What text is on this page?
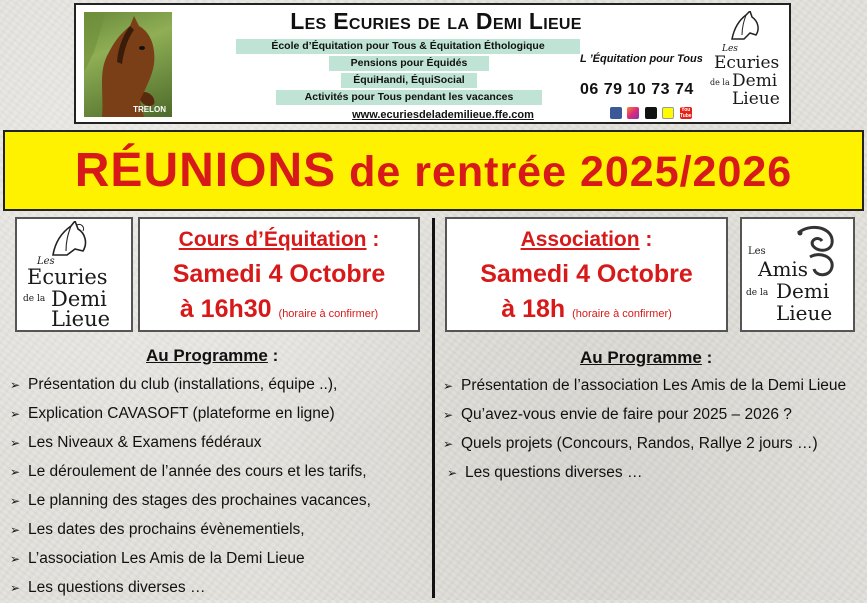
TRELON
Les Ecuries de la Demi Lieue
École d’Équitation pour Tous & Équitation Éthologique
Pensions pour Équidés
ÉquiHandi, ÉquiSocial
Activités pour Tous pendant les vacances
www.ecuriesdelademilieue.ffe.com
L ’Équitation pour Tous
06 79 10 73 74
You Tube
Les
Ecuries
de la Demi
Lieue
RÉUNIONS de rentrée 2025/2026
Les
Ecuries
de la Demi
Lieue
Cours d’Équitation :
Samedi 4 Octobre
à 16h30 (horaire à confirmer)
Association :
Samedi 4 Octobre
à 18h (horaire à confirmer)
Les
Amis
de la Demi
Lieue
Au Programme :
➢ Présentation du club (installations, équipe ..),
➢ Explication CAVASOFT (plateforme en ligne)
➢ Les Niveaux & Examens fédéraux
➢ Le déroulement de l’année des cours et les tarifs,
➢ Le planning des stages des prochaines vacances,
➢ Les dates des prochains évènementiels,
➢ L’association Les Amis de la Demi Lieue
➢ Les questions diverses …
Au Programme :
➢ Présentation de l’association Les Amis de la Demi Lieue
➢ Qu’avez-vous envie de faire pour 2025 – 2026 ?
➢ Quels projets (Concours, Randos, Rallye 2 jours …)
➢ Les questions diverses …
